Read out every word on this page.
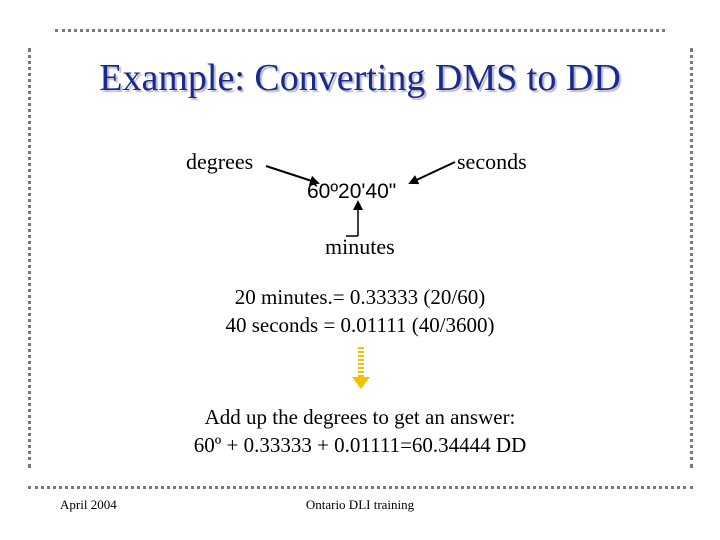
Example: Converting DMS to DD
degrees	seconds
60º20'40"
minutes
20 minutes.= 0.33333 (20/60)
40 seconds = 0.01111 (40/3600)
Add up the degrees to get an answer:
60º + 0.33333 + 0.01111=60.34444 DD
April 2004	Ontario DLI training
